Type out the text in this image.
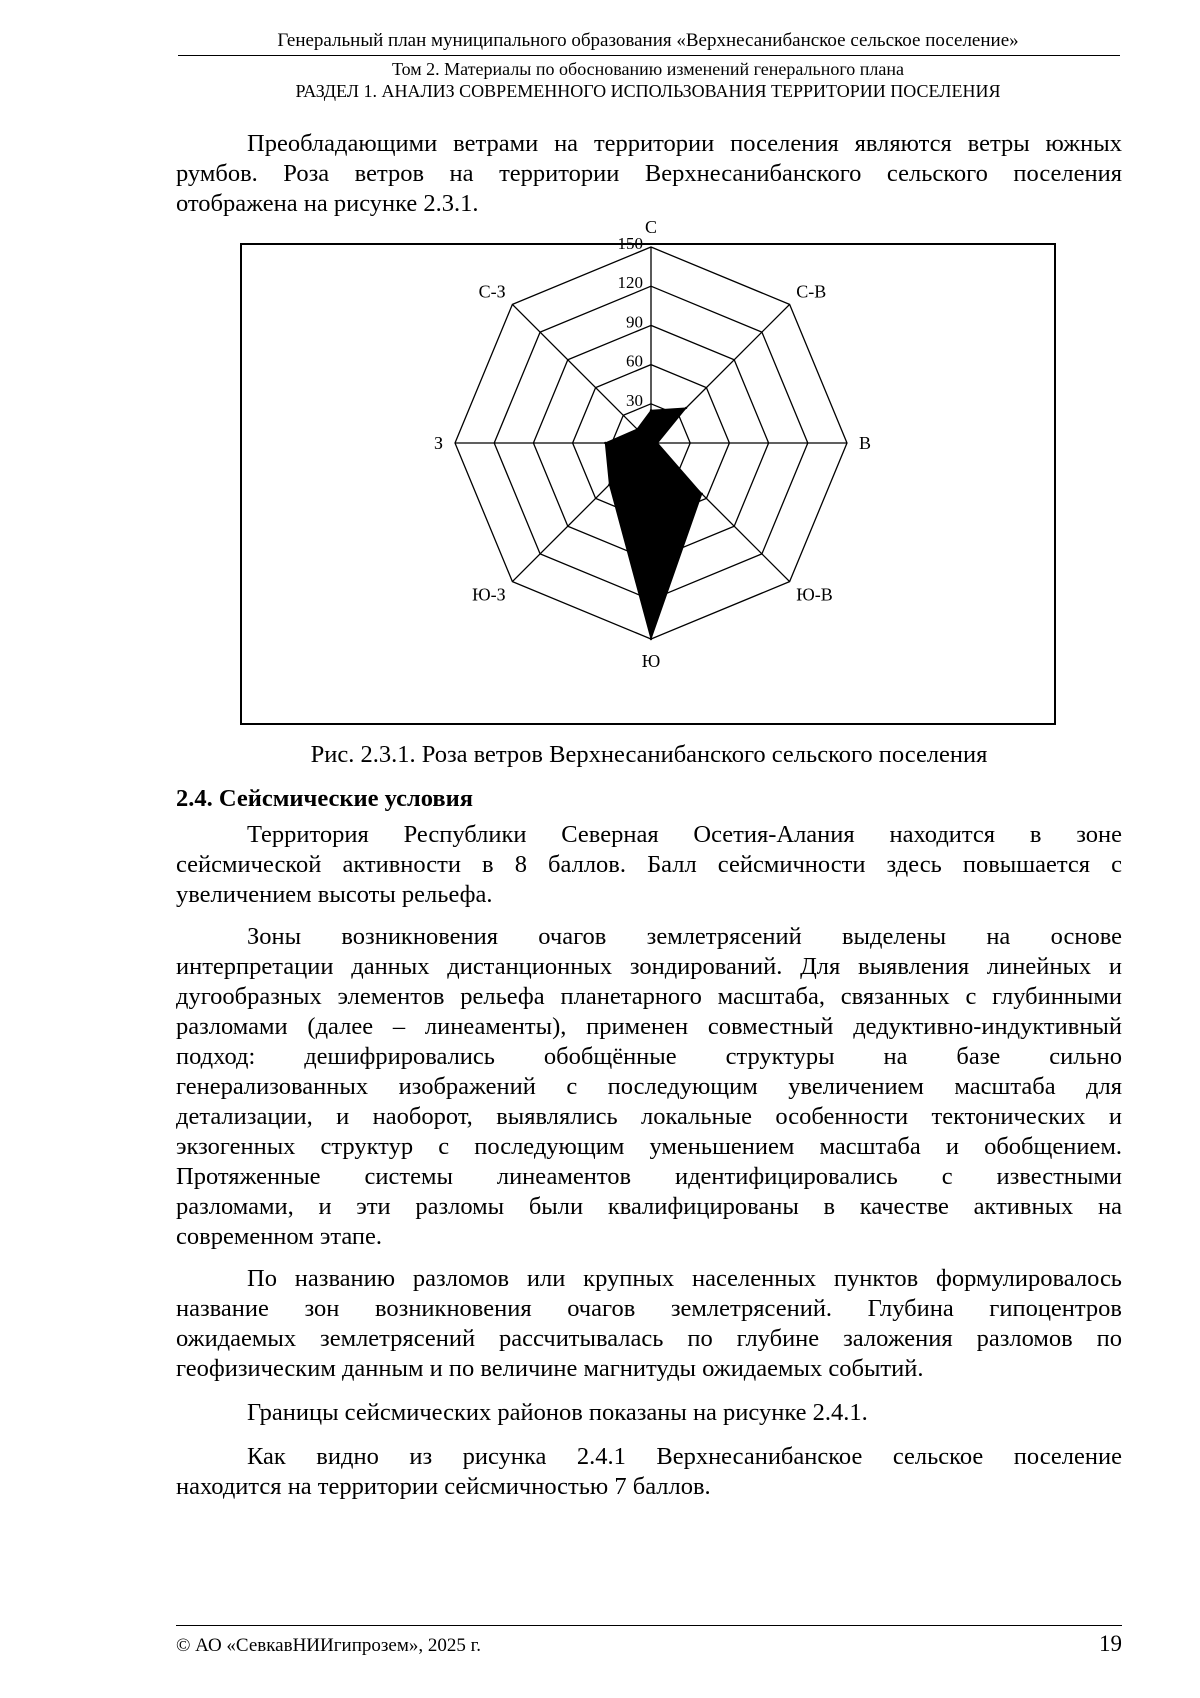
Генеральный план муниципального образования «Верхнесанибанское сельское поселение»
Том 2. Материалы по обоснованию изменений генерального плана
РАЗДЕЛ 1. АНАЛИЗ СОВРЕМЕННОГО ИСПОЛЬЗОВАНИЯ ТЕРРИТОРИИ ПОСЕЛЕНИЯ

Преобладающими ветрами на территории поселения являются ветры южных
румбов. Роза ветров на территории Верхнесанибанского сельского поселения
отображена на рисунке 2.3.1.

30
60
90
120
150
С
С-В
В
Ю-В
Ю
Ю-З
З
С-З
Рис. 2.3.1. Роза ветров Верхнесанибанского сельского поселения
2.4. Сейсмические условия

Территория Республики Северная Осетия-Алания находится в зоне
сейсмической активности в 8 баллов. Балл сейсмичности здесь повышается с
увеличением высоты рельефа.

Зоны возникновения очагов землетрясений выделены на основе
интерпретации данных дистанционных зондирований. Для выявления линейных и
дугообразных элементов рельефа планетарного масштаба, связанных с глубинными
разломами (далее – линеаменты), применен совместный дедуктивно-индуктивный
подход: дешифрировались обобщённые структуры на базе сильно
генерализованных изображений с последующим увеличением масштаба для
детализации, и наоборот, выявлялись локальные особенности тектонических и
экзогенных структур с последующим уменьшением масштаба и обобщением.
Протяженные системы линеаментов идентифицировались с известными
разломами, и эти разломы были квалифицированы в качестве активных на
современном этапе.

По названию разломов или крупных населенных пунктов формулировалось
название зон возникновения очагов землетрясений. Глубина гипоцентров
ожидаемых землетрясений рассчитывалась по глубине заложения разломов по
геофизическим данным и по величине магнитуды ожидаемых событий.

Границы сейсмических районов показаны на рисунке 2.4.1.

Как видно из рисунка 2.4.1 Верхнесанибанское сельское поселение
находится на территории сейсмичностью 7 баллов.

© АО «СевкавНИИгипрозем», 2025 г.	19
